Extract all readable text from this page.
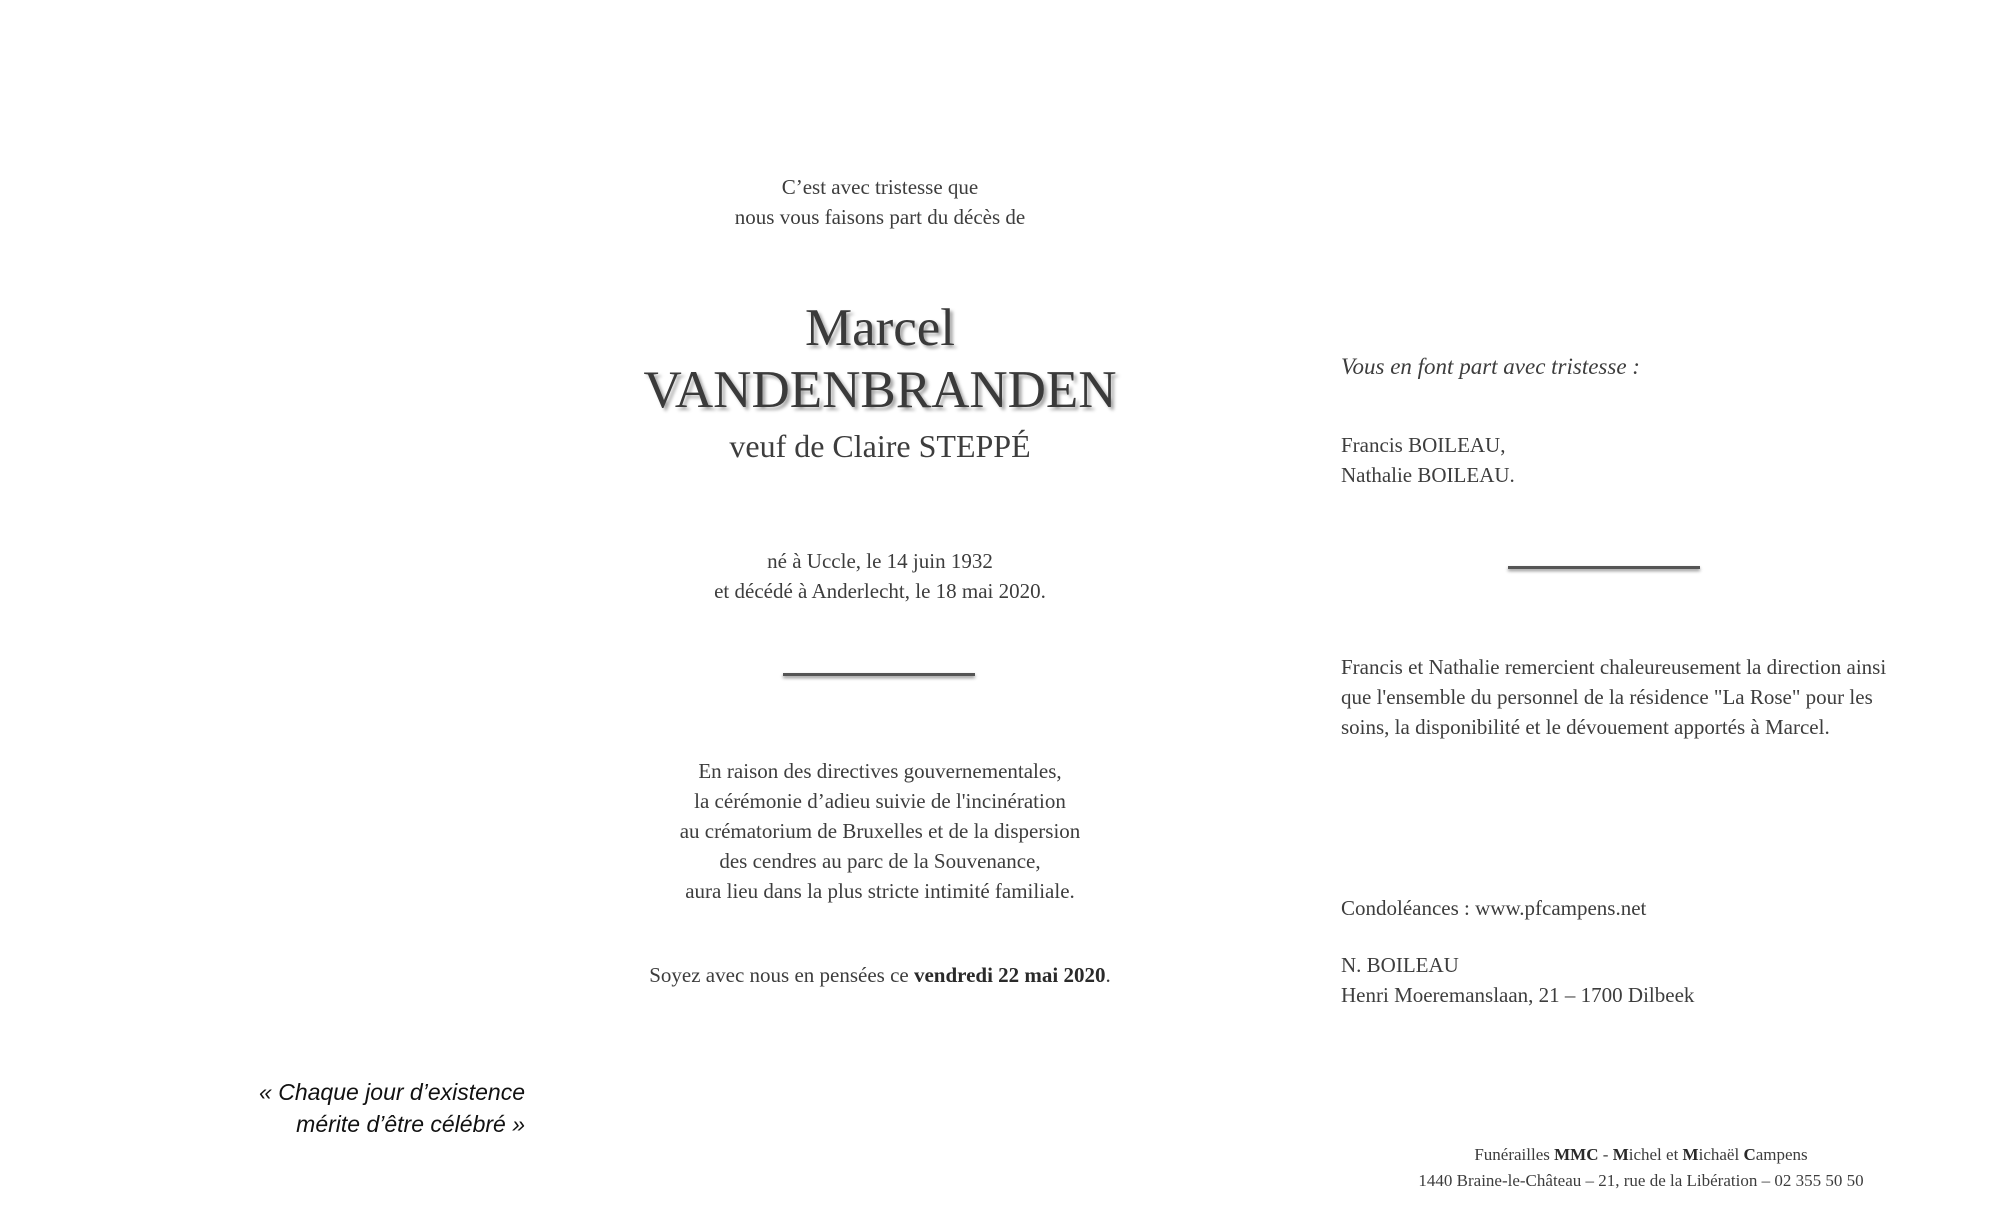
C’est avec tristesse que
nous vous faisons part du décès de
Marcel
VANDENBRANDEN
veuf de Claire STEPPÉ
né à Uccle, le 14 juin 1932
et décédé à Anderlecht, le 18 mai 2020.
En raison des directives gouvernementales,
la cérémonie d’adieu suivie de l'incinération
au crématorium de Bruxelles et de la dispersion
des cendres au parc de la Souvenance,
aura lieu dans la plus stricte intimité familiale.
Soyez avec nous en pensées ce vendredi 22 mai 2020.
« Chaque jour d’existence
mérite d’être célébré »
Vous en font part avec tristesse :
Francis BOILEAU,
Nathalie BOILEAU.
Francis et Nathalie remercient chaleureusement la direction ainsi
que l'ensemble du personnel de la résidence "La Rose" pour les
soins, la disponibilité et le dévouement apportés à Marcel.
Condoléances : www.pfcampens.net
N. BOILEAU
Henri Moeremanslaan, 21 – 1700 Dilbeek
Funérailles MMC - Michel et Michaël Campens
1440 Braine-le-Château – 21, rue de la Libération – 02 355 50 50
